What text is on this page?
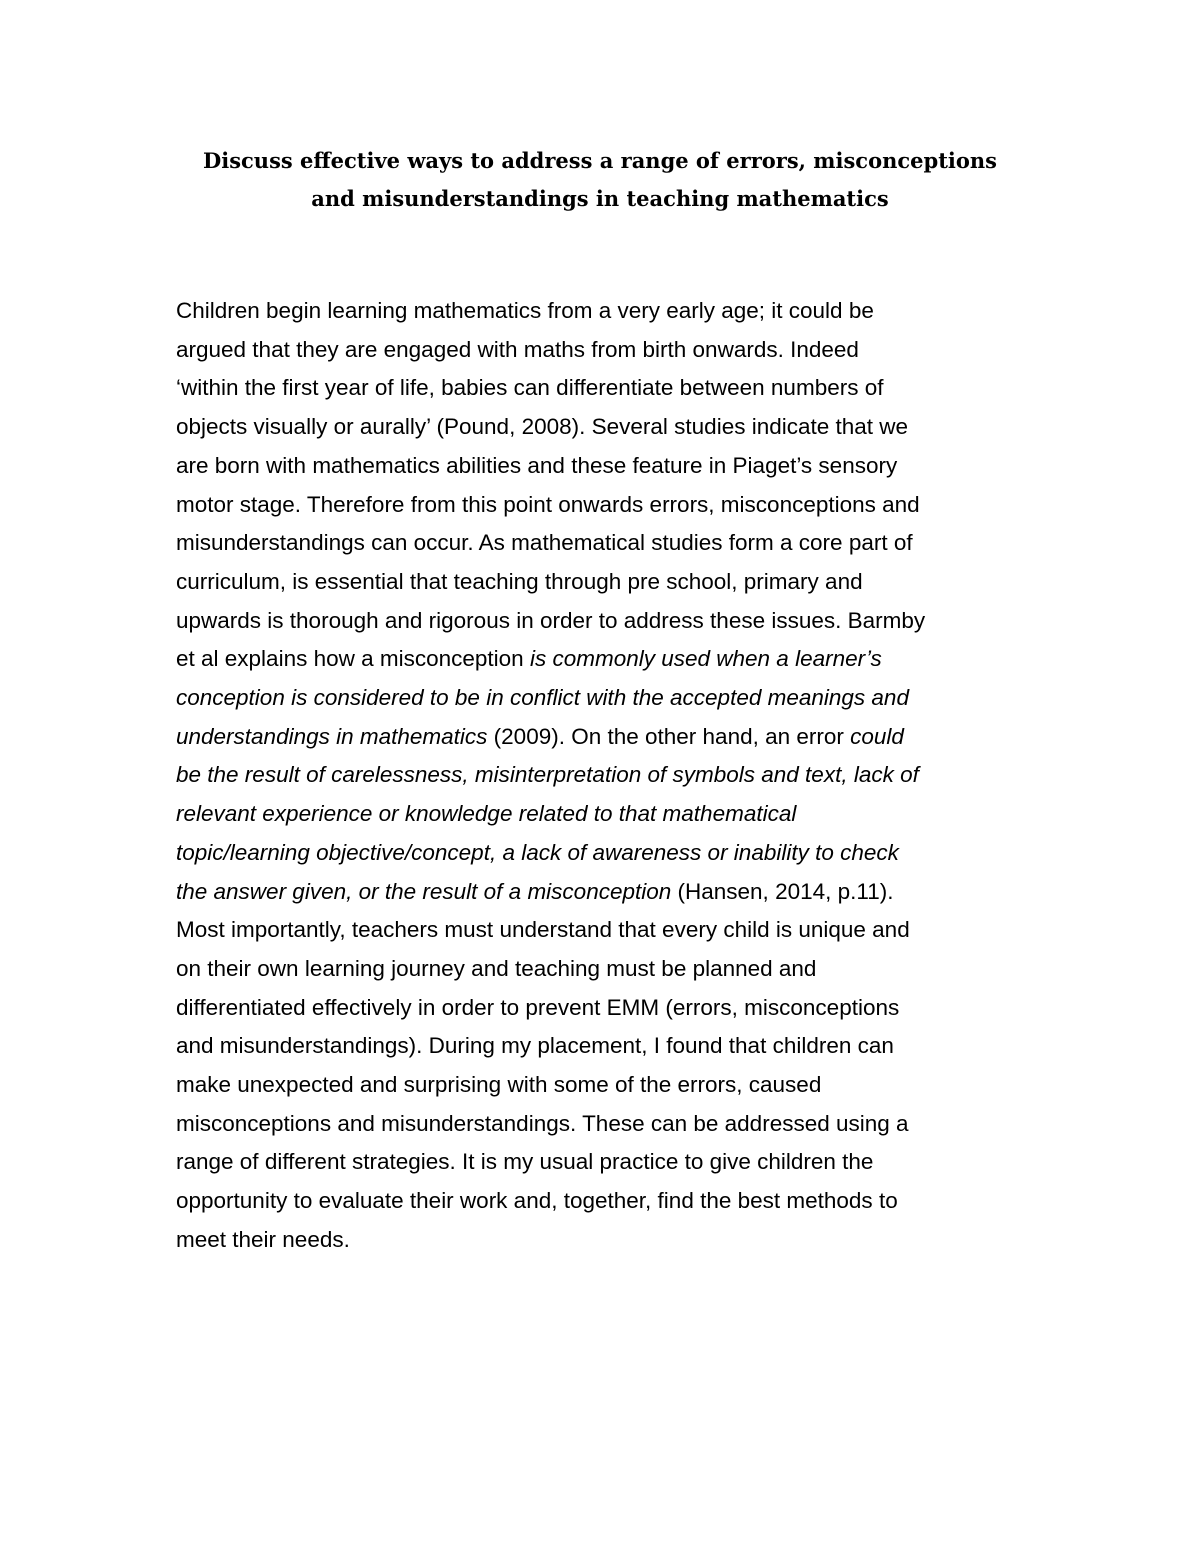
Discuss effective ways to address a range of errors, misconceptions
and misunderstandings in teaching mathematics
Children begin learning mathematics from a very early age; it could be
argued that they are engaged with maths from birth onwards. Indeed
‘within the first year of life, babies can differentiate between numbers of
objects visually or aurally’ (Pound, 2008). Several studies indicate that we
are born with mathematics abilities and these feature in Piaget’s sensory
motor stage. Therefore from this point onwards errors, misconceptions and
misunderstandings can occur. As mathematical studies form a core part of
curriculum, is essential that teaching through pre school, primary and
upwards is thorough and rigorous in order to address these issues. Barmby
et al explains how a misconception is commonly used when a learner’s
conception is considered to be in conflict with the accepted meanings and
understandings in mathematics (2009). On the other hand, an error could
be the result of carelessness, misinterpretation of symbols and text, lack of
relevant experience or knowledge related to that mathematical
topic/learning objective/concept, a lack of awareness or inability to check
the answer given, or the result of a misconception (Hansen, 2014, p.11).
Most importantly, teachers must understand that every child is unique and
on their own learning journey and teaching must be planned and
differentiated effectively in order to prevent EMM (errors, misconceptions
and misunderstandings). During my placement, I found that children can
make unexpected and surprising with some of the errors, caused
misconceptions and misunderstandings. These can be addressed using a
range of different strategies. It is my usual practice to give children the
opportunity to evaluate their work and, together, find the best methods to
meet their needs.
